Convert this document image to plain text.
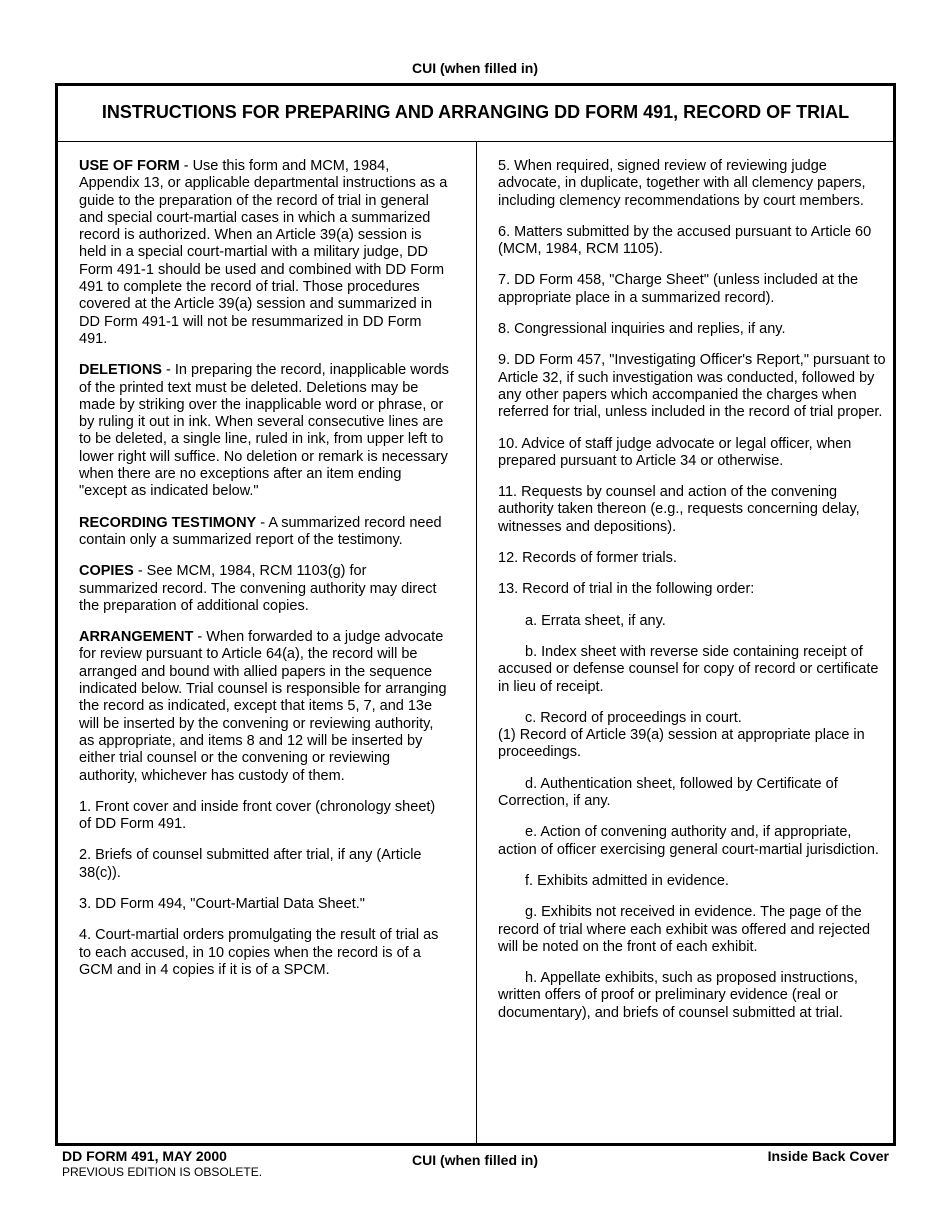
CUI (when filled in)
INSTRUCTIONS FOR PREPARING AND ARRANGING DD FORM 491, RECORD OF TRIAL

USE OF FORM - Use this form and MCM, 1984, Appendix 13, or applicable departmental instructions as a guide to the preparation of the record of trial in general and special court-martial cases in which a summarized record is authorized. When an Article 39(a) session is held in a special court-martial with a military judge, DD Form 491-1 should be used and combined with DD Form 491 to complete the record of trial. Those procedures covered at the Article 39(a) session and summarized in DD Form 491-1 will not be resummarized in DD Form 491.

DELETIONS - In preparing the record, inapplicable words of the printed text must be deleted. Deletions may be made by striking over the inapplicable word or phrase, or by ruling it out in ink. When several consecutive lines are to be deleted, a single line, ruled in ink, from upper left to lower right will suffice. No deletion or remark is necessary when there are no exceptions after an item ending "except as indicated below."

RECORDING TESTIMONY - A summarized record need contain only a summarized report of the testimony.

COPIES - See MCM, 1984, RCM 1103(g) for summarized record. The convening authority may direct the preparation of additional copies.

ARRANGEMENT - When forwarded to a judge advocate for review pursuant to Article 64(a), the record will be arranged and bound with allied papers in the sequence indicated below. Trial counsel is responsible for arranging the record as indicated, except that items 5, 7, and 13e will be inserted by the convening or reviewing authority, as appropriate, and items 8 and 12 will be inserted by either trial counsel or the convening or reviewing authority, whichever has custody of them.

1. Front cover and inside front cover (chronology sheet) of DD Form 491.

2. Briefs of counsel submitted after trial, if any (Article 38(c)).

3. DD Form 494, "Court-Martial Data Sheet."

4. Court-martial orders promulgating the result of trial as to each accused, in 10 copies when the record is of a GCM and in 4 copies if it is of a SPCM.

5. When required, signed review of reviewing judge advocate, in duplicate, together with all clemency papers, including clemency recommendations by court members.

6. Matters submitted by the accused pursuant to Article 60 (MCM, 1984, RCM 1105).

7. DD Form 458, "Charge Sheet" (unless included at the appropriate place in a summarized record).

8. Congressional inquiries and replies, if any.

9. DD Form 457, "Investigating Officer's Report," pursuant to Article 32, if such investigation was conducted, followed by any other papers which accompanied the charges when referred for trial, unless included in the record of trial proper.

10. Advice of staff judge advocate or legal officer, when prepared pursuant to Article 34 or otherwise.

11. Requests by counsel and action of the convening authority taken thereon (e.g., requests concerning delay, witnesses and depositions).

12. Records of former trials.

13. Record of trial in the following order:

a. Errata sheet, if any.

b. Index sheet with reverse side containing receipt of accused or defense counsel for copy of record or certificate in lieu of receipt.

c. Record of proceedings in court.
(1) Record of Article 39(a) session at appropriate place in proceedings.

d. Authentication sheet, followed by Certificate of Correction, if any.

e. Action of convening authority and, if appropriate, action of officer exercising general court-martial jurisdiction.

f. Exhibits admitted in evidence.

g. Exhibits not received in evidence. The page of the record of trial where each exhibit was offered and rejected will be noted on the front of each exhibit.

h. Appellate exhibits, such as proposed instructions, written offers of proof or preliminary evidence (real or documentary), and briefs of counsel submitted at trial.

DD FORM 491, MAY 2000
PREVIOUS EDITION IS OBSOLETE.
CUI (when filled in)	Inside Back Cover
